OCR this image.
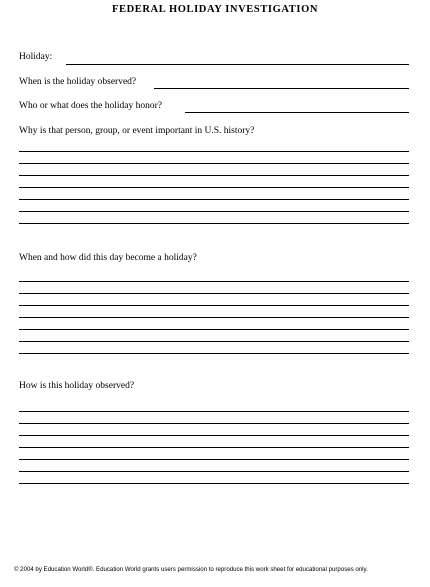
FEDERAL HOLIDAY INVESTIGATION
Holiday:
When is the holiday observed?
Who or what does the holiday honor?
Why is that person, group, or event important in U.S. history?
When and how did this day become a holiday?
How is this holiday observed?
© 2004 by Education World®. Education World grants users permission to reproduce this work sheet for educational purposes only.
